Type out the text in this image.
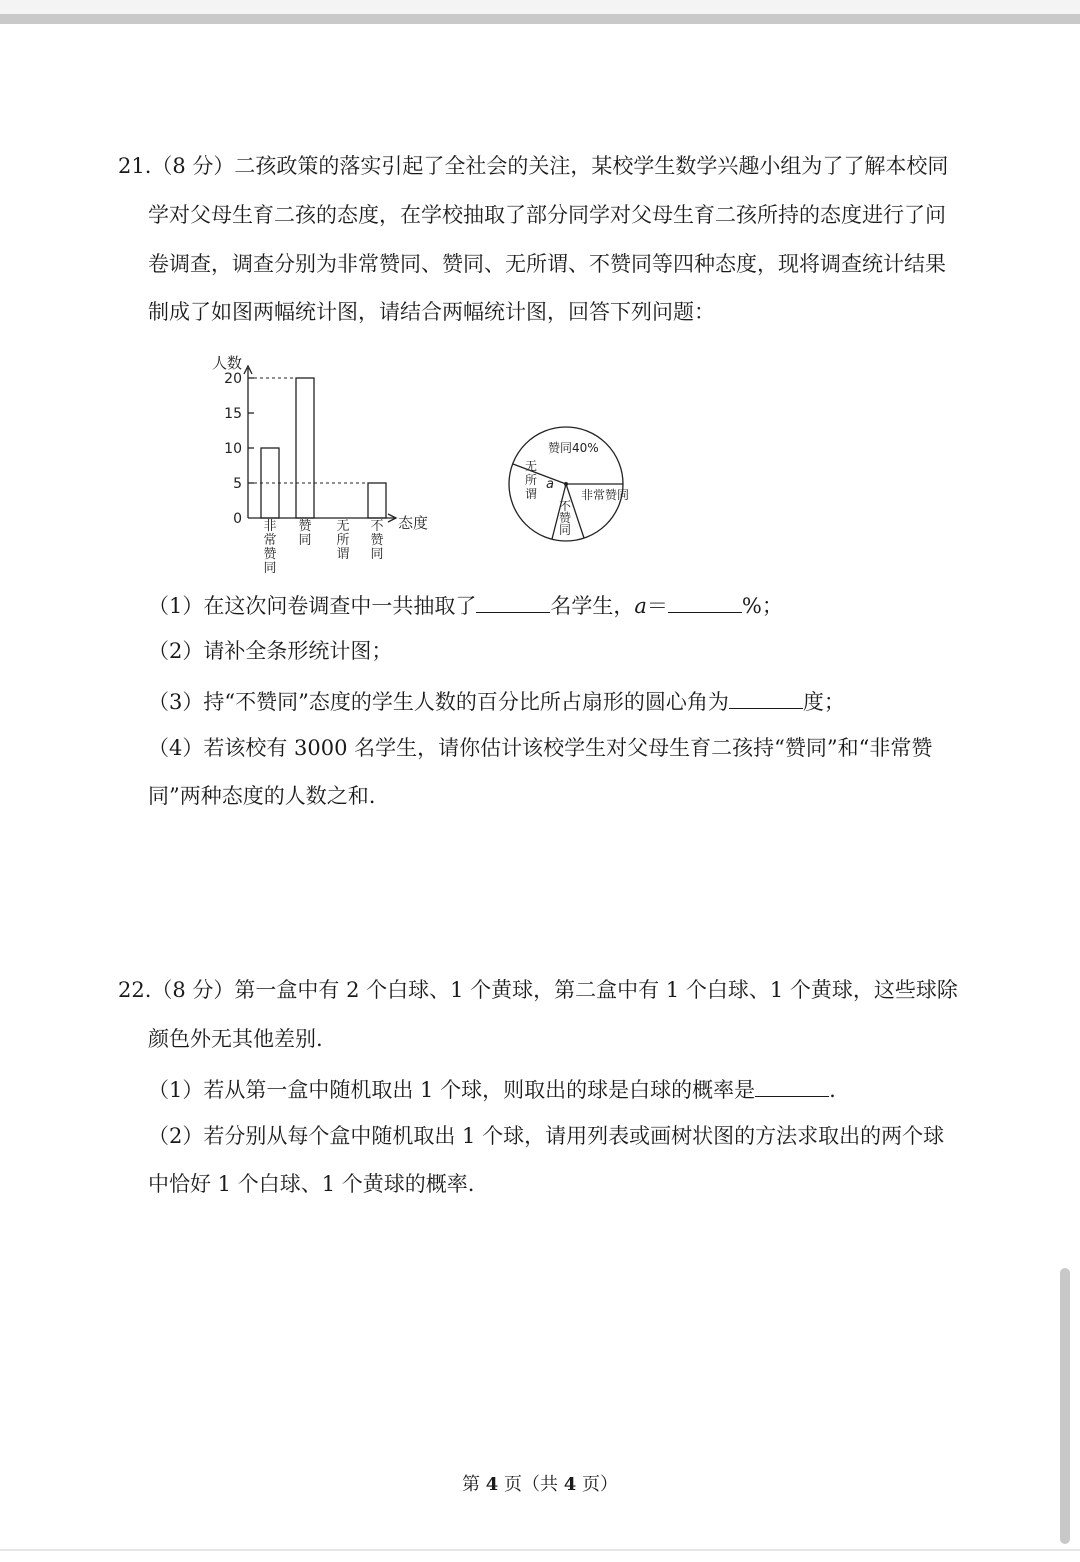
21.（8 分）二孩政策的落实引起了全社会的关注，某校学生数学兴趣小组为了了解本校同
学对父母生育二孩的态度，在学校抽取了部分同学对父母生育二孩所持的态度进行了问
卷调查，调查分别为非常赞同、赞同、无所谓、不赞同等四种态度，现将调查统计结果
制成了如图两幅统计图，请结合两幅统计图，回答下列问题：
人数
态度
20
15
10
5
0 非
常
赞
同
赞
同
无
所
谓
不
赞
同
赞同40%
非常赞同
a
不
赞
同
无
所
谓
（1）在这次问卷调查中一共抽取了	名学生，a＝	%；
（2）请补全条形统计图；
（3）持“不赞同”态度的学生人数的百分比所占扇形的圆心角为	度；
（4）若该校有 3000 名学生，请你估计该校学生对父母生育二孩持“赞同”和“非常赞
同”两种态度的人数之和.
22.（8 分）第一盒中有 2 个白球、1 个黄球，第二盒中有 1 个白球、1 个黄球，这些球除
颜色外无其他差别.
（1）若从第一盒中随机取出 1 个球，则取出的球是白球的概率是	.
（2）若分别从每个盒中随机取出 1 个球，请用列表或画树状图的方法求取出的两个球
中恰好 1 个白球、1 个黄球的概率.
第 4 页（共 4 页）
